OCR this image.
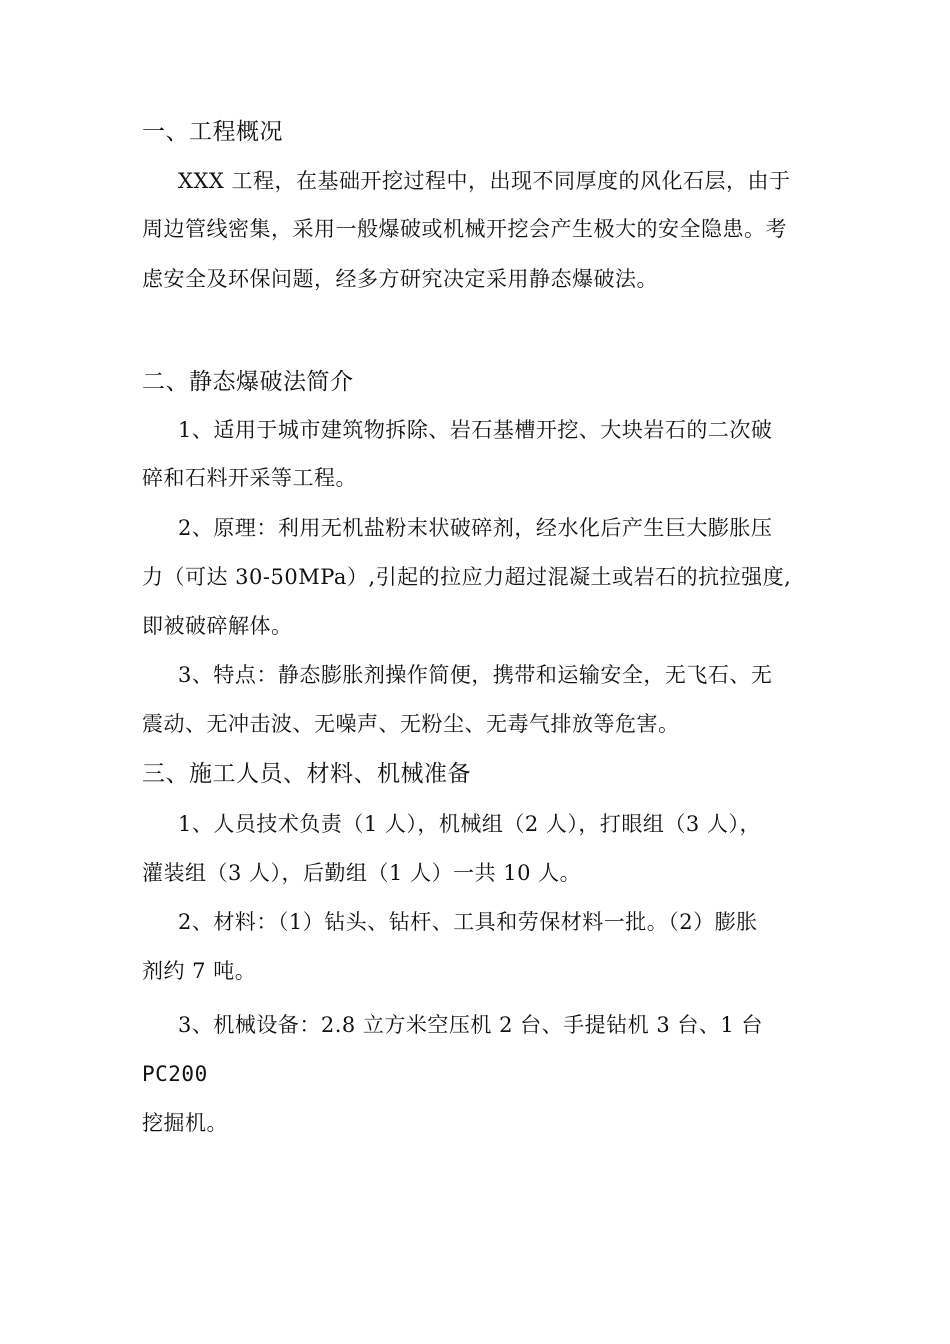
一、工程概况
XXX 工程，在基础开挖过程中，出现不同厚度的风化石层，由于
周边管线密集，采用一般爆破或机械开挖会产生极大的安全隐患。考
虑安全及环保问题，经多方研究决定采用静态爆破法。
二、静态爆破法简介
1、适用于城市建筑物拆除、岩石基槽开挖、大块岩石的二次破
碎和石料开采等工程。
2、原理：利用无机盐粉末状破碎剂，经水化后产生巨大膨胀压
力（可达 30-50MPa）,引起的拉应力超过混凝土或岩石的抗拉强度,
即被破碎解体。
3、特点：静态膨胀剂操作简便，携带和运输安全，无飞石、无
震动、无冲击波、无噪声、无粉尘、无毒气排放等危害。
三、施工人员、材料、机械准备
1、人员技术负责（1 人），机械组（2 人），打眼组（3 人），
灌装组（3 人），后勤组（1 人）一共 10 人。
2、材料：（1）钻头、钻杆、工具和劳保材料一批。（2）膨胀
剂约 7 吨。
3、机械设备：2.8 立方米空压机 2 台、手提钻机 3 台、1 台
PC200
挖掘机。
